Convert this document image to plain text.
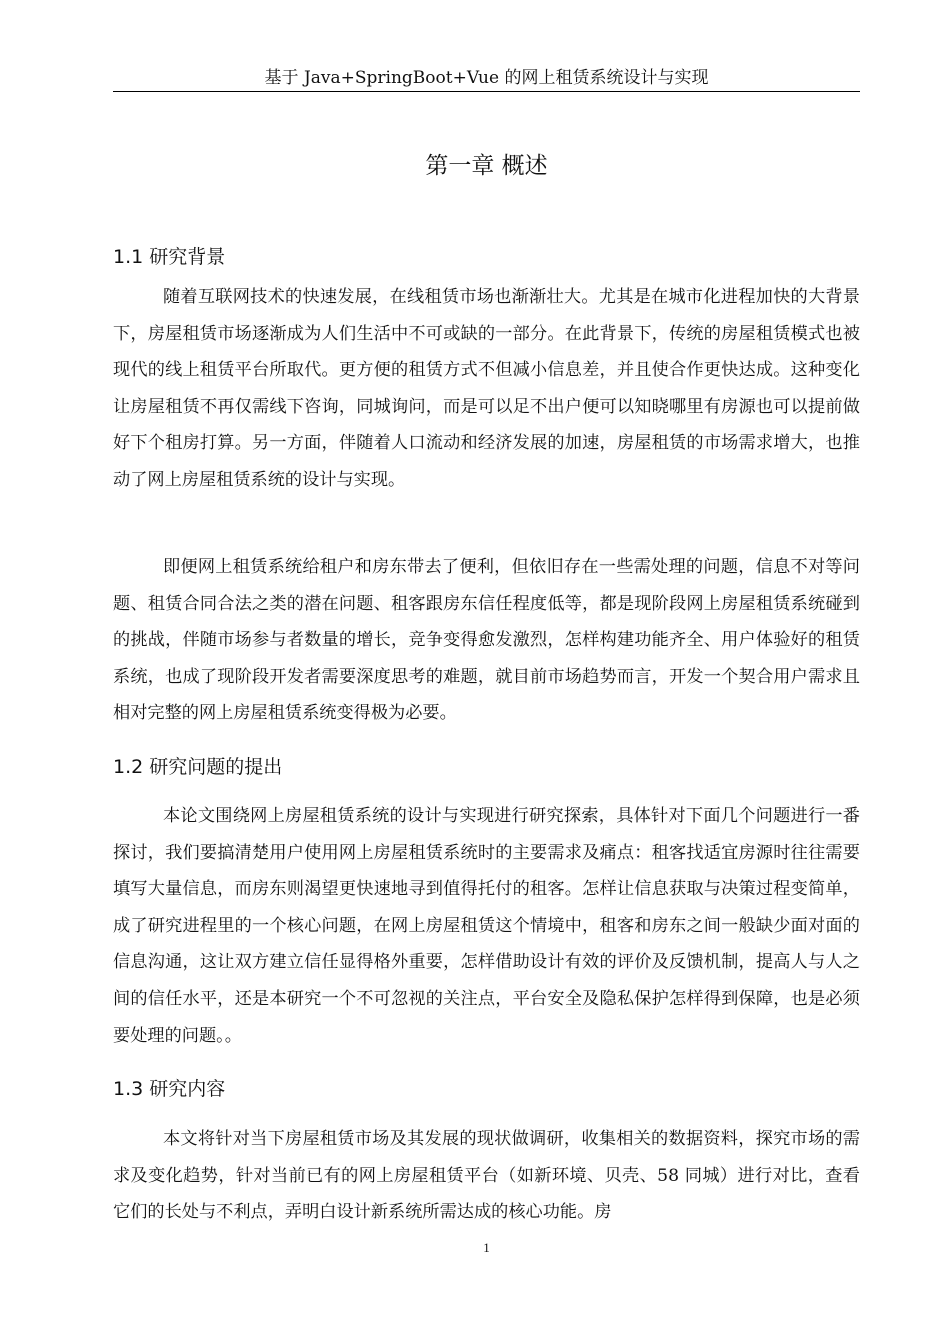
基于 Java+SpringBoot+Vue 的网上租赁系统设计与实现
第一章 概述
1.1 研究背景

随着互联网技术的快速发展，在线租赁市场也渐渐壮大。尤其是在城市化进程加快的大背景下，房屋租赁市场逐渐成为人们生活中不可或缺的一部分。在此背景下，传统的房屋租赁模式也被现代的线上租赁平台所取代。更方便的租赁方式不但减小信息差，并且使合作更快达成。这种变化让房屋租赁不再仅需线下咨询，同城询问，而是可以足不出户便可以知晓哪里有房源也可以提前做好下个租房打算。另一方面，伴随着人口流动和经济发展的加速，房屋租赁的市场需求增大，也推动了网上房屋租赁系统的设计与实现。

即便网上租赁系统给租户和房东带去了便利，但依旧存在一些需处理的问题，信息不对等问题、租赁合同合法之类的潜在问题、租客跟房东信任程度低等，都是现阶段网上房屋租赁系统碰到的挑战，伴随市场参与者数量的增长，竞争变得愈发激烈，怎样构建功能齐全、用户体验好的租赁系统，也成了现阶段开发者需要深度思考的难题，就目前市场趋势而言，开发一个契合用户需求且相对完整的网上房屋租赁系统变得极为必要。

1.2 研究问题的提出

本论文围绕网上房屋租赁系统的设计与实现进行研究探索，具体针对下面几个问题进行一番探讨，我们要搞清楚用户使用网上房屋租赁系统时的主要需求及痛点：租客找适宜房源时往往需要填写大量信息，而房东则渴望更快速地寻到值得托付的租客。怎样让信息获取与决策过程变简单，成了研究进程里的一个核心问题，在网上房屋租赁这个情境中，租客和房东之间一般缺少面对面的信息沟通，这让双方建立信任显得格外重要，怎样借助设计有效的评价及反馈机制，提高人与人之间的信任水平，还是本研究一个不可忽视的关注点，平台安全及隐私保护怎样得到保障，也是必须要处理的问题。。

1.3 研究内容

本文将针对当下房屋租赁市场及其发展的现状做调研，收集相关的数据资料，探究市场的需求及变化趋势，针对当前已有的网上房屋租赁平台（如新环境、贝壳、58 同城）进行对比，查看它们的长处与不利点，弄明白设计新系统所需达成的核心功能。房

1
